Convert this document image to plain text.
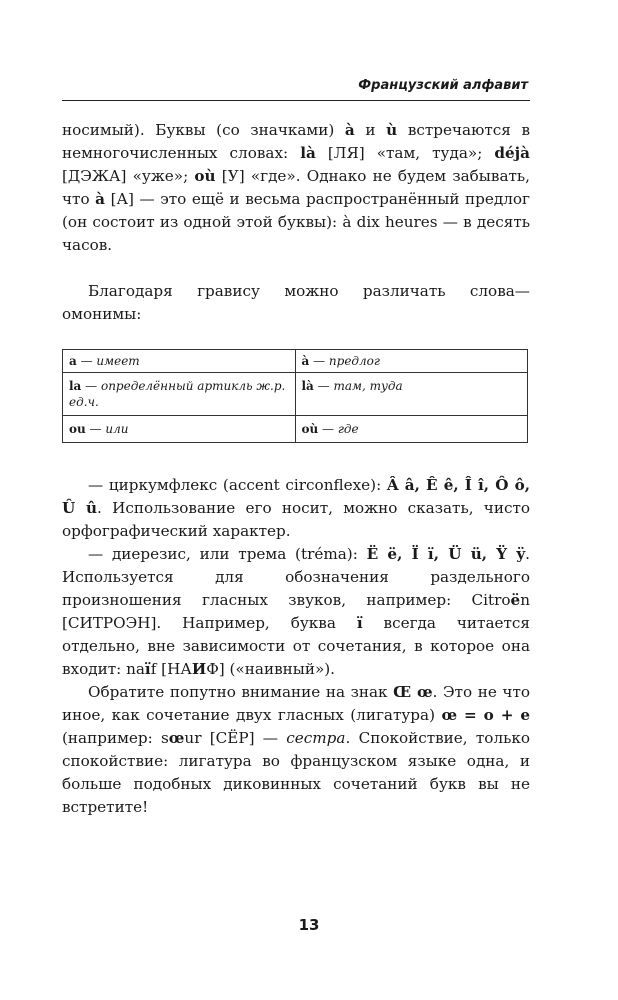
Французский алфавит

носимый). Буквы (со значками) à и ù встречаются в немногочисленных словах: là [ЛЯ] «там, туда»; déjà [ДЭЖА] «уже»; où [У] «где». Однако не будем забывать, что à [А] — это ещё и весьма распространённый предлог (он состоит из одной этой буквы): à dix heures — в десять часов.

Благодаря гравису можно различать слова—омонимы:

a — имеет	à — предлог
la — определённый артикль ж.р. ед.ч.	là — там, туда
ou — или	où — где

— циркумфлекс (accent circonflexe): Â â, Ê ê, Î î, Ô ô, Û û. Использование его носит, можно сказать, чисто орфографический характер.

— диерезис, или трема (tréma): Ë ë, Ï ï, Ü ü, Ÿ ÿ. Используется для обозначения раздельного произношения гласных звуков, например: Citroën [СИТРОЭН]. Например, буква ï всегда читается отдельно, вне зависимости от сочетания, в которое она входит: naïf [НАИФ] («наивный»).

Обратите попутно внимание на знак Œ œ. Это не что иное, как сочетание двух гласных (лигатура) œ = o + e (например: sœur [СЁР] — сестра. Спокойствие, только спокойствие: лигатура во французском языке одна, и больше подобных диковинных сочетаний букв вы не встретите!

13
